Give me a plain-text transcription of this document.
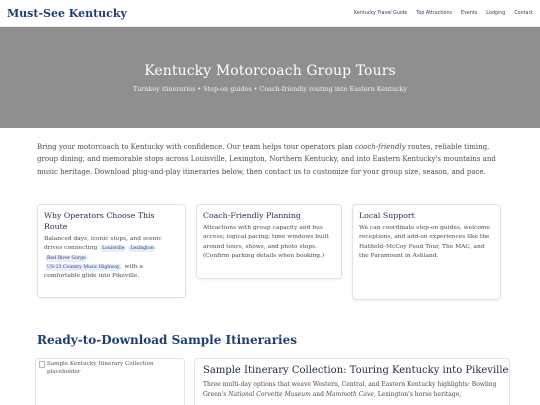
Must-See Kentucky	Kentucky Travel Guide Top Attractions Events Lodging Contact
Kentucky Motorcoach Group Tours

Turnkey itineraries • Step-on guides • Coach-friendly routing into Eastern Kentucky

Bring your motorcoach to Kentucky with confidence. Our team helps tour operators plan coach-friendly routes, reliable timing, group dining, and memorable stops across Louisville, Lexington, Northern Kentucky, and into Eastern Kentucky's mountains and music heritage. Download plug-and-play itineraries below, then contact us to customize for your group size, season, and pace.

Why Operators Choose This Route
Balanced days, iconic stops, and scenic drives connecting Louisville Lexington
Red River Gorge
US-23 Country Music Highway with a comfortable glide into Pikeville.
Coach-Friendly Planning

Attractions with group capacity and bus access; logical pacing; time windows built around tours, shows, and photo stops. (Confirm parking details when booking.)

Local Support

We can coordinate step-on guides, welcome receptions, and add-on experiences like the Hatfield–McCoy Feud Tour, The MAC, and the Paramount in Ashland.

Ready-to-Download Sample Itineraries
Sample Kentucky Itinerary Collection placeholder	Sample Itinerary Collection: Touring Kentucky into Pikeville

Three multi-day options that weave Western, Central, and Eastern Kentucky highlights: Bowling Green's National Corvette Museum and Mammoth Cave, Lexington's horse heritage,
